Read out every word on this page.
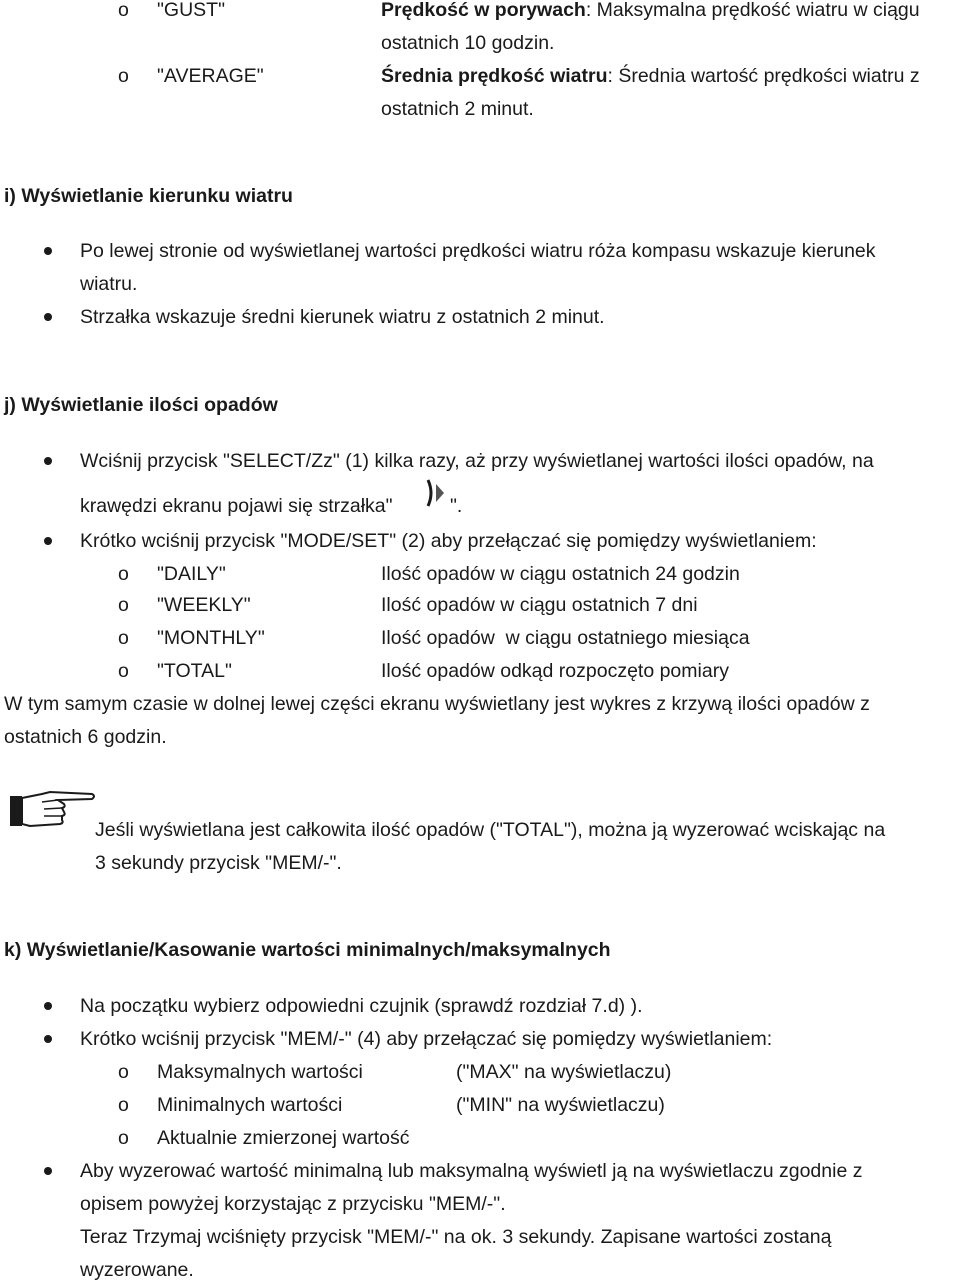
o "GUST"	Prędkość w porywach: Maksymalna prędkość wiatru w ciągu
ostatnich 10 godzin.
o "AVERAGE"	Średnia prędkość wiatru: Średnia wartość prędkości wiatru z
ostatnich 2 minut.
i) Wyświetlanie kierunku wiatru
Po lewej stronie od wyświetlanej wartości prędkości wiatru róża kompasu wskazuje kierunek
wiatru.
Strzałka wskazuje średni kierunek wiatru z ostatnich 2 minut.
j) Wyświetlanie ilości opadów
Wciśnij przycisk "SELECT/Zz" (1) kilka razy, aż przy wyświetlanej wartości ilości opadów, na
krawędzi ekranu pojawi się strzałka"	".
Krótko wciśnij przycisk "MODE/SET" (2) aby przełączać się pomiędzy wyświetlaniem:
o "DAILY"	Ilość opadów w ciągu ostatnich 24 godzin
o "WEEKLY"	Ilość opadów w ciągu ostatnich 7 dni
o "MONTHLY"	Ilość opadów  w ciągu ostatniego miesiąca
o "TOTAL"	Ilość opadów odkąd rozpoczęto pomiary
W tym samym czasie w dolnej lewej części ekranu wyświetlany jest wykres z krzywą ilości opadów z
ostatnich 6 godzin.
Jeśli wyświetlana jest całkowita ilość opadów ("TOTAL"), można ją wyzerować wciskając na
3 sekundy przycisk "MEM/-".
k) Wyświetlanie/Kasowanie wartości minimalnych/maksymalnych
Na początku wybierz odpowiedni czujnik (sprawdź rozdział 7.d) ).
Krótko wciśnij przycisk "MEM/-" (4) aby przełączać się pomiędzy wyświetlaniem:
o Maksymalnych wartości	("MAX" na wyświetlaczu)
o Minimalnych wartości	("MIN" na wyświetlaczu)
o Aktualnie zmierzonej wartość
Aby wyzerować wartość minimalną lub maksymalną wyświetl ją na wyświetlaczu zgodnie z
opisem powyżej korzystając z przycisku "MEM/-".
Teraz Trzymaj wciśnięty przycisk "MEM/-" na ok. 3 sekundy. Zapisane wartości zostaną
wyzerowane.
